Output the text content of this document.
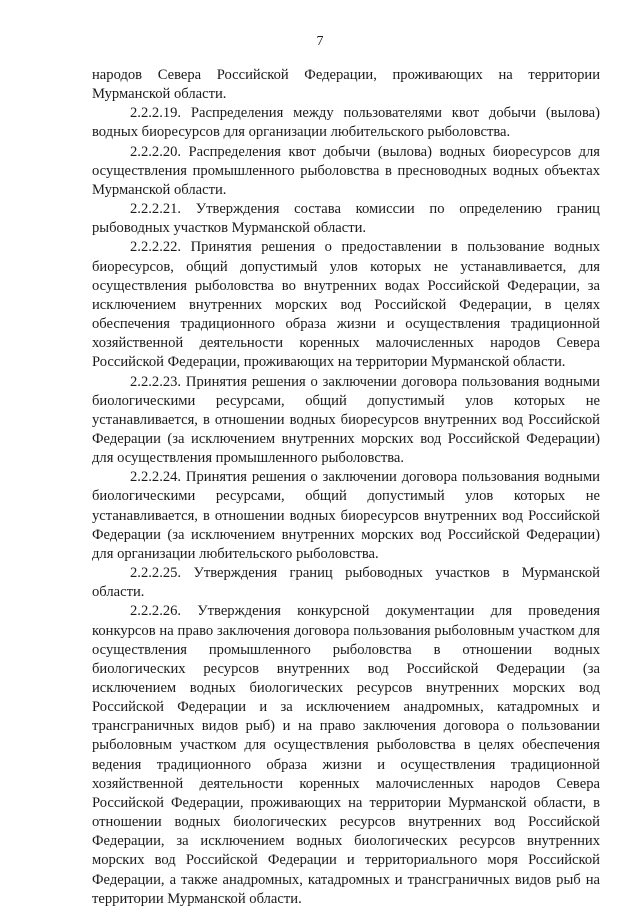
7

народов Севера Российской Федерации, проживающих на территории Мурманской области.

2.2.2.19. Распределения между пользователями квот добычи (вылова) водных биоресурсов для организации любительского рыболовства.

2.2.2.20. Распределения квот добычи (вылова) водных биоресурсов для осуществления промышленного рыболовства в пресноводных водных объектах Мурманской области.

2.2.2.21. Утверждения состава комиссии по определению границ рыбоводных участков Мурманской области.

2.2.2.22. Принятия решения о предоставлении в пользование водных биоресурсов, общий допустимый улов которых не устанавливается, для осуществления рыболовства во внутренних водах Российской Федерации, за исключением внутренних морских вод Российской Федерации, в целях обеспечения традиционного образа жизни и осуществления традиционной хозяйственной деятельности коренных малочисленных народов Севера Российской Федерации, проживающих на территории Мурманской области.

2.2.2.23. Принятия решения о заключении договора пользования водными биологическими ресурсами, общий допустимый улов которых не устанавливается, в отношении водных биоресурсов внутренних вод Российской Федерации (за исключением внутренних морских вод Российской Федерации) для осуществления промышленного рыболовства.

2.2.2.24. Принятия решения о заключении договора пользования водными биологическими ресурсами, общий допустимый улов которых не устанавливается, в отношении водных биоресурсов внутренних вод Российской Федерации (за исключением внутренних морских вод Российской Федерации) для организации любительского рыболовства.

2.2.2.25. Утверждения границ рыбоводных участков в Мурманской области.

2.2.2.26. Утверждения конкурсной документации для проведения конкурсов на право заключения договора пользования рыболовным участком для осуществления промышленного рыболовства в отношении водных биологических ресурсов внутренних вод Российской Федерации (за исключением водных биологических ресурсов внутренних морских вод Российской Федерации и за исключением анадромных, катадромных и трансграничных видов рыб) и на право заключения договора о пользовании рыболовным участком для осуществления рыболовства в целях обеспечения ведения традиционного образа жизни и осуществления традиционной хозяйственной деятельности коренных малочисленных народов Севера Российской Федерации, проживающих на территории Мурманской области, в отношении водных биологических ресурсов внутренних вод Российской Федерации, за исключением водных биологических ресурсов внутренних морских вод Российской Федерации и территориального моря Российской Федерации, а также анадромных, катадромных и трансграничных видов рыб на территории Мурманской области.
